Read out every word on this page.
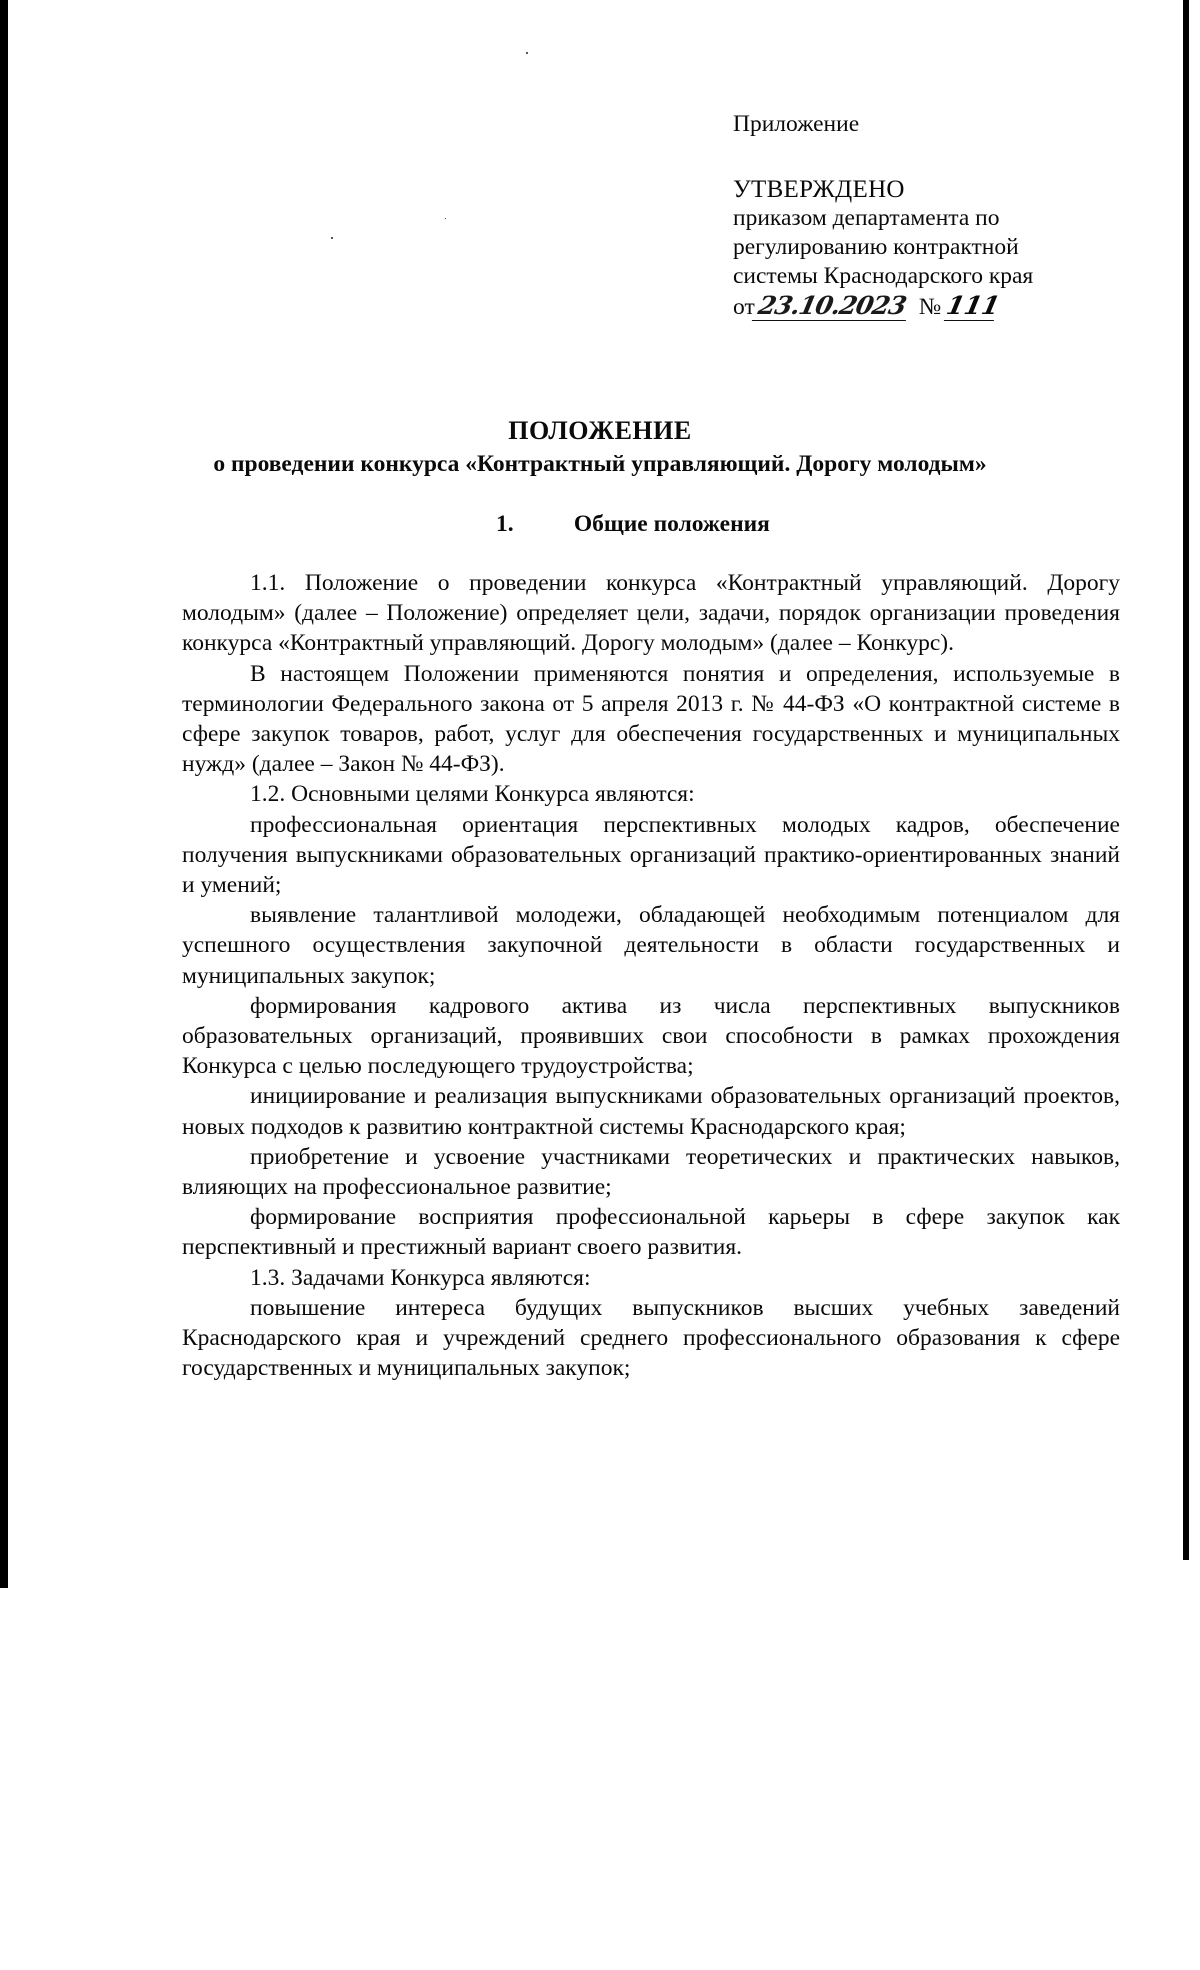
Приложение

УТВЕРЖДЕНО

приказом департамента по

регулированию контрактной

системы Краснодарского края

от 23.10.2023 № 111

ПОЛОЖЕНИЕ
о проведении конкурса «Контрактный управляющий. Дорогу молодым»
1.	Общие положения

1.1. Положение о проведении конкурса «Контрактный управляющий. Дорогу молодым» (далее – Положение) определяет цели, задачи, порядок организации проведения конкурса «Контрактный управляющий. Дорогу молодым» (далее – Конкурс).

В настоящем Положении применяются понятия и определения, используемые в терминологии Федерального закона от 5 апреля 2013 г. № 44-ФЗ «О контрактной системе в сфере закупок товаров, работ, услуг для обеспечения государственных и муниципальных нужд» (далее – Закон № 44-ФЗ).

1.2. Основными целями Конкурса являются:

профессиональная ориентация перспективных молодых кадров, обеспечение получения выпускниками образовательных организаций практико-ориентированных знаний и умений;

выявление талантливой молодежи, обладающей необходимым потенциалом для успешного осуществления закупочной деятельности в области государственных и муниципальных закупок;

формирования кадрового актива из числа перспективных выпускников образовательных организаций, проявивших свои способности в рамках прохождения Конкурса с целью последующего трудоустройства;

инициирование и реализация выпускниками образовательных организаций проектов, новых подходов к развитию контрактной системы Краснодарского края;

приобретение и усвоение участниками теоретических и практических навыков, влияющих на профессиональное развитие;

формирование восприятия профессиональной карьеры в сфере закупок как перспективный и престижный вариант своего развития.

1.3. Задачами Конкурса являются:

повышение интереса будущих выпускников высших учебных заведений Краснодарского края и учреждений среднего профессионального образования к сфере государственных и муниципальных закупок;
